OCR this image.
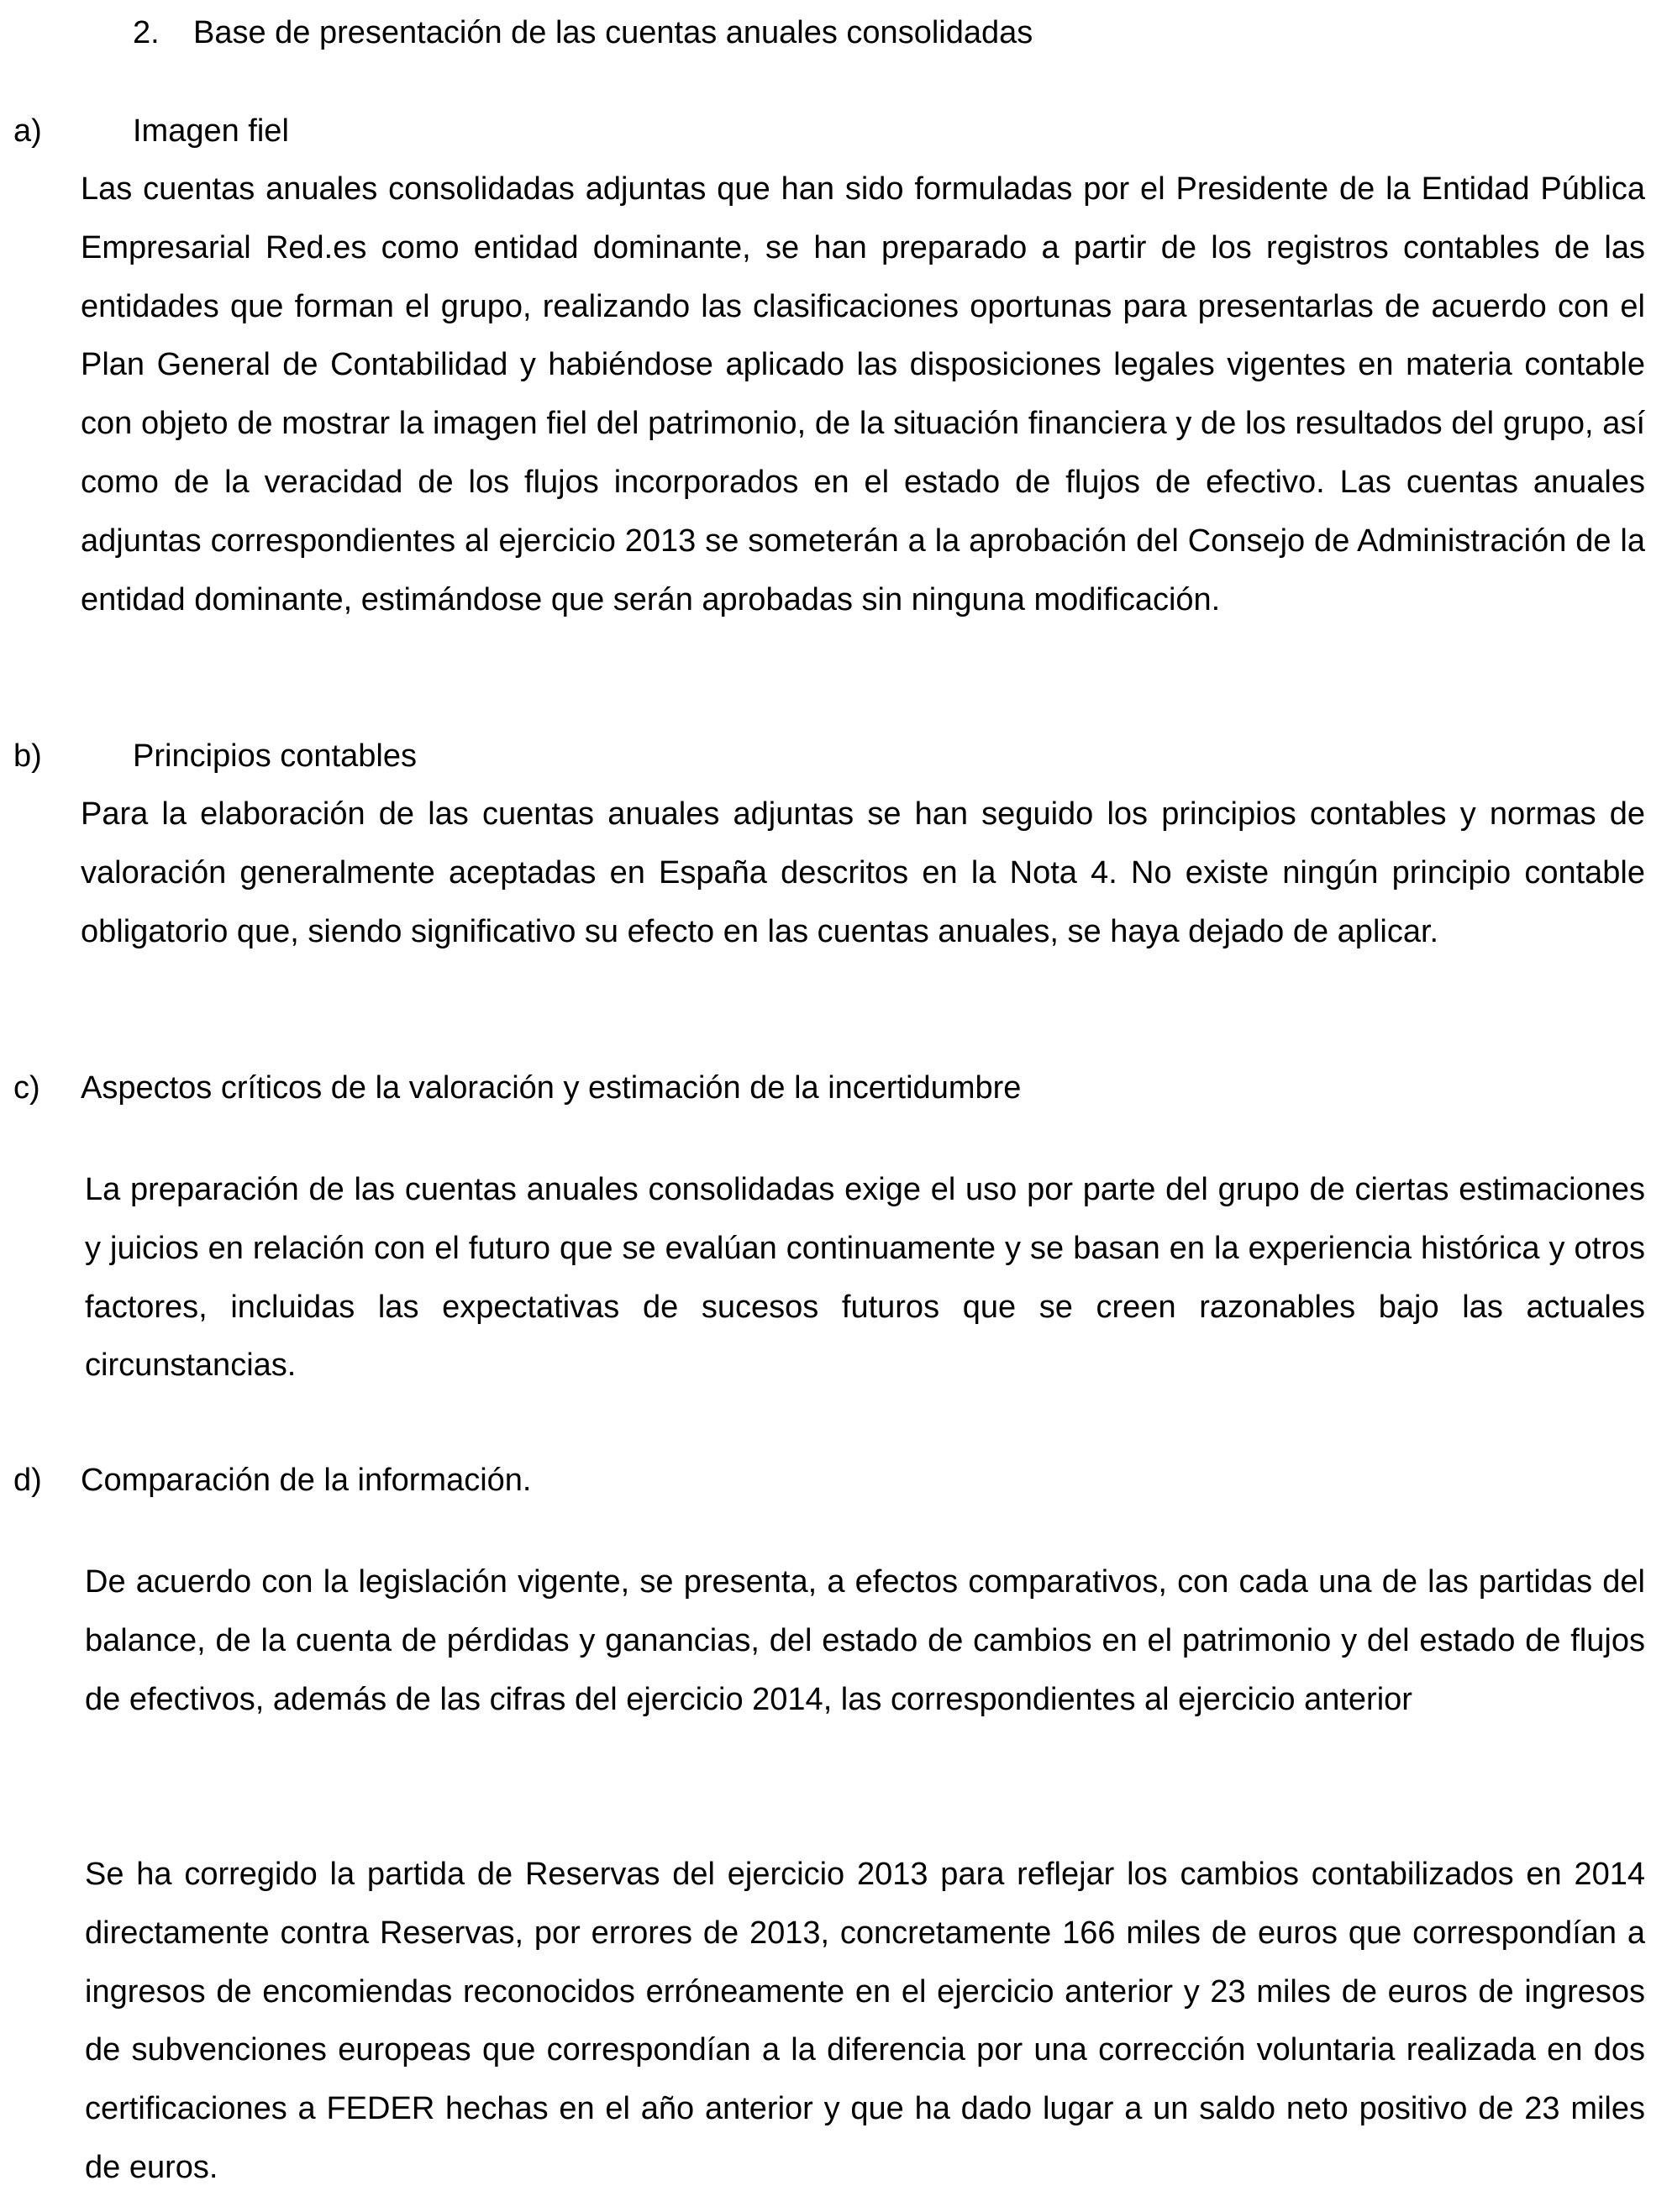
2. Base de presentación de las cuentas anuales consolidadas
a)	Imagen fiel

Las cuentas anuales consolidadas adjuntas que han sido formuladas por el Presidente de la Entidad Pública Empresarial Red.es como entidad dominante, se han preparado a partir de los registros contables de las entidades que forman el grupo, realizando las clasificaciones oportunas para presentarlas de acuerdo con el Plan General de Contabilidad y habiéndose aplicado las disposiciones legales vigentes en materia contable con objeto de mostrar la imagen fiel del patrimonio, de la situación financiera y de los resultados del grupo, así como de la veracidad de los flujos incorporados en el estado de flujos de efectivo. Las cuentas anuales adjuntas correspondientes al ejercicio 2013 se someterán a la aprobación del Consejo de Administración de la entidad dominante, estimándose que serán aprobadas sin ninguna modificación.

b)	Principios contables

Para la elaboración de las cuentas anuales adjuntas se han seguido los principios contables y normas de valoración generalmente aceptadas en España descritos en la Nota 4. No existe ningún principio contable obligatorio que, siendo significativo su efecto en las cuentas anuales, se haya dejado de aplicar.

c) Aspectos críticos de la valoración y estimación de la incertidumbre

La preparación de las cuentas anuales consolidadas exige el uso por parte del grupo de ciertas estimaciones y juicios en relación con el futuro que se evalúan continuamente y se basan en la experiencia histórica y otros factores, incluidas las expectativas de sucesos futuros que se creen razonables bajo las actuales circunstancias.

d) Comparación de la información.

De acuerdo con la legislación vigente, se presenta, a efectos comparativos, con cada una de las partidas del balance, de la cuenta de pérdidas y ganancias, del estado de cambios en el patrimonio y del estado de flujos de efectivos, además de las cifras del ejercicio 2014, las correspondientes al ejercicio anterior

Se ha corregido la partida de Reservas del ejercicio 2013 para reflejar los cambios contabilizados en 2014 directamente contra Reservas, por errores de 2013, concretamente 166 miles de euros que correspondían a ingresos de encomiendas reconocidos erróneamente en el ejercicio anterior y 23 miles de euros de ingresos de subvenciones europeas que correspondían a la diferencia por una corrección voluntaria realizada en dos certificaciones a FEDER hechas en el año anterior y que ha dado lugar a un saldo neto positivo de 23 miles de euros.
